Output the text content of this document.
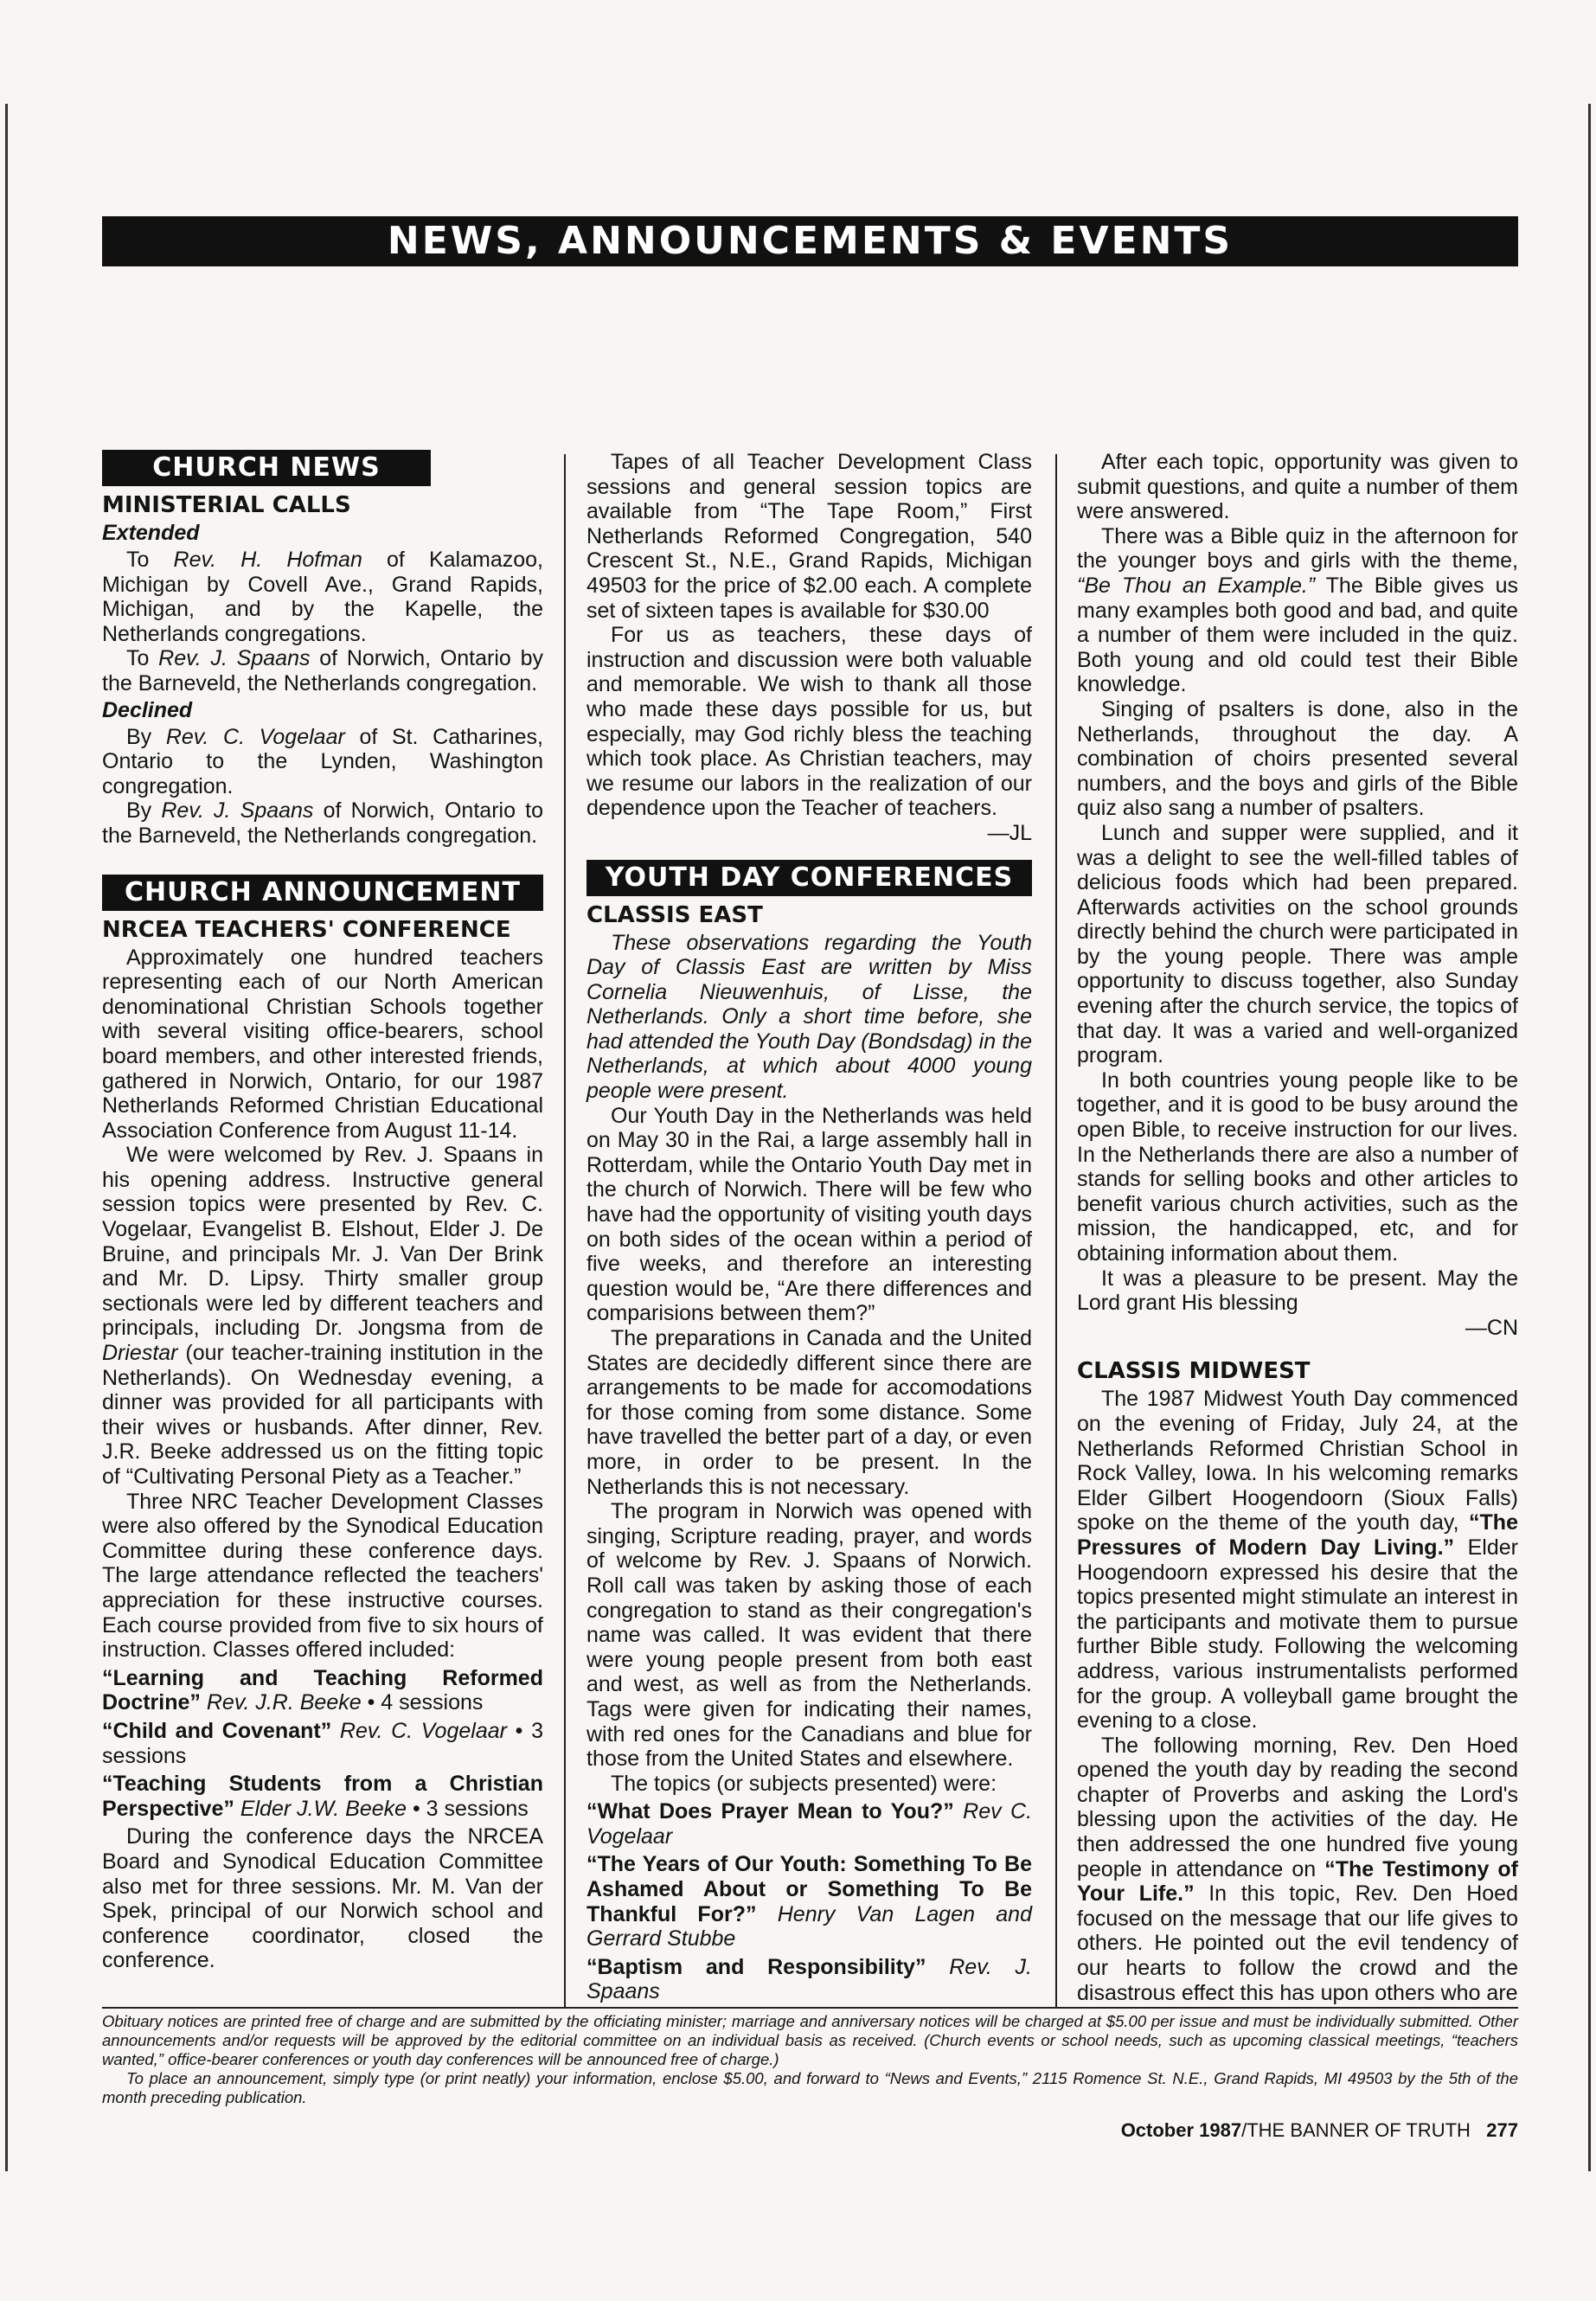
NEWS, ANNOUNCEMENTS & EVENTS
CHURCH NEWS
MINISTERIAL CALLS
Extended

To Rev. H. Hofman of Kalamazoo, Michigan by Covell Ave., Grand Rapids, Michigan, and by the Kapelle, the Netherlands congregations.

To Rev. J. Spaans of Norwich, Ontario by the Barneveld, the Netherlands congregation.

Declined

By Rev. C. Vogelaar of St. Catharines, Ontario to the Lynden, Washington congregation.

By Rev. J. Spaans of Norwich, Ontario to the Barneveld, the Netherlands congregation.

CHURCH ANNOUNCEMENT
NRCEA TEACHERS' CONFERENCE

Approximately one hundred teachers representing each of our North American denominational Christian Schools together with several visiting office-bearers, school board members, and other interested friends, gathered in Norwich, Ontario, for our 1987 Netherlands Reformed Christian Educational Association Conference from August 11-14.

We were welcomed by Rev. J. Spaans in his opening address. Instructive general session topics were presented by Rev. C. Vogelaar, Evangelist B. Elshout, Elder J. De Bruine, and principals Mr. J. Van Der Brink and Mr. D. Lipsy. Thirty smaller group sectionals were led by different teachers and principals, including Dr. Jongsma from de Driestar (our teacher-training institution in the Netherlands). On Wednesday evening, a dinner was provided for all participants with their wives or husbands. After dinner, Rev. J.R. Beeke addressed us on the fitting topic of “Cultivating Personal Piety as a Teacher.”

Three NRC Teacher Development Classes were also offered by the Synodical Education Committee during these conference days. The large attendance reflected the teachers' appreciation for these instructive courses. Each course provided from five to six hours of instruction. Classes offered included:

“Learning and Teaching Reformed Doctrine” Rev. J.R. Beeke • 4 sessions

“Child and Covenant” Rev. C. Vogelaar • 3 sessions

“Teaching Students from a Christian Perspective” Elder J.W. Beeke • 3 sessions

During the conference days the NRCEA Board and Synodical Education Committee also met for three sessions. Mr. M. Van der Spek, principal of our Norwich school and conference coordinator, closed the conference.

Tapes of all Teacher Development Class sessions and general session topics are available from “The Tape Room,” First Netherlands Reformed Congregation, 540 Crescent St., N.E., Grand Rapids, Michigan 49503 for the price of $2.00 each. A complete set of sixteen tapes is available for $30.00

For us as teachers, these days of instruction and discussion were both valuable and memorable. We wish to thank all those who made these days possible for us, but especially, may God richly bless the teaching which took place. As Christian teachers, may we resume our labors in the realization of our dependence upon the Teacher of teachers.

—JL
YOUTH DAY CONFERENCES
CLASSIS EAST

These observations regarding the Youth Day of Classis East are written by Miss Cornelia Nieuwenhuis, of Lisse, the Netherlands. Only a short time before, she had attended the Youth Day (Bondsdag) in the Netherlands, at which about 4000 young people were present.

Our Youth Day in the Netherlands was held on May 30 in the Rai, a large assembly hall in Rotterdam, while the Ontario Youth Day met in the church of Norwich. There will be few who have had the opportunity of visiting youth days on both sides of the ocean within a period of five weeks, and therefore an interesting question would be, “Are there differences and comparisions between them?”

The preparations in Canada and the United States are decidedly different since there are arrangements to be made for accomodations for those coming from some distance. Some have travelled the better part of a day, or even more, in order to be present. In the Netherlands this is not necessary.

The program in Norwich was opened with singing, Scripture reading, prayer, and words of welcome by Rev. J. Spaans of Norwich. Roll call was taken by asking those of each congregation to stand as their congregation's name was called. It was evident that there were young people present from both east and west, as well as from the Netherlands. Tags were given for indicating their names, with red ones for the Canadians and blue for those from the United States and elsewhere.

The topics (or subjects presented) were:

“What Does Prayer Mean to You?” Rev C. Vogelaar

“The Years of Our Youth: Something To Be Ashamed About or Something To Be Thankful For?” Henry Van Lagen and Gerrard Stubbe

“Baptism and Responsibility” Rev. J. Spaans

After each topic, opportunity was given to submit questions, and quite a number of them were answered.

There was a Bible quiz in the afternoon for the younger boys and girls with the theme, “Be Thou an Example.” The Bible gives us many examples both good and bad, and quite a number of them were included in the quiz. Both young and old could test their Bible knowledge.

Singing of psalters is done, also in the Netherlands, throughout the day. A combination of choirs presented several numbers, and the boys and girls of the Bible quiz also sang a number of psalters.

Lunch and supper were supplied, and it was a delight to see the well-filled tables of delicious foods which had been prepared. Afterwards activities on the school grounds directly behind the church were participated in by the young people. There was ample opportunity to discuss together, also Sunday evening after the church service, the topics of that day. It was a varied and well-organized program.

In both countries young people like to be together, and it is good to be busy around the open Bible, to receive instruction for our lives. In the Netherlands there are also a number of stands for selling books and other articles to benefit various church activities, such as the mission, the handicapped, etc, and for obtaining information about them.

It was a pleasure to be present. May the Lord grant His blessing

—CN
CLASSIS MIDWEST

The 1987 Midwest Youth Day commenced on the evening of Friday, July 24, at the Netherlands Reformed Christian School in Rock Valley, Iowa. In his welcoming remarks Elder Gilbert Hoogendoorn (Sioux Falls) spoke on the theme of the youth day, “The Pressures of Modern Day Living.” Elder Hoogendoorn expressed his desire that the topics presented might stimulate an interest in the participants and motivate them to pursue further Bible study. Following the welcoming address, various instrumentalists performed for the group. A volleyball game brought the evening to a close.

The following morning, Rev. Den Hoed opened the youth day by reading the second chapter of Proverbs and asking the Lord's blessing upon the activities of the day. He then addressed the one hundred five young people in attendance on “The Testimony of Your Life.” In this topic, Rev. Den Hoed focused on the message that our life gives to others. He pointed out the evil tendency of our hearts to follow the crowd and the disastrous effect this has upon others who are

Obituary notices are printed free of charge and are submitted by the officiating minister; marriage and anniversary notices will be charged at $5.00 per issue and must be individually submitted. Other announcements and/or requests will be approved by the editorial committee on an individual basis as received. (Church events or school needs, such as upcoming classical meetings, “teachers wanted,” office-bearer conferences or youth day conferences will be announced free of charge.)

To place an announcement, simply type (or print neatly) your information, enclose $5.00, and forward to “News and Events,” 2115 Romence St. N.E., Grand Rapids, MI 49503 by the 5th of the month preceding publication.

October 1987/THE BANNER OF TRUTH 277
